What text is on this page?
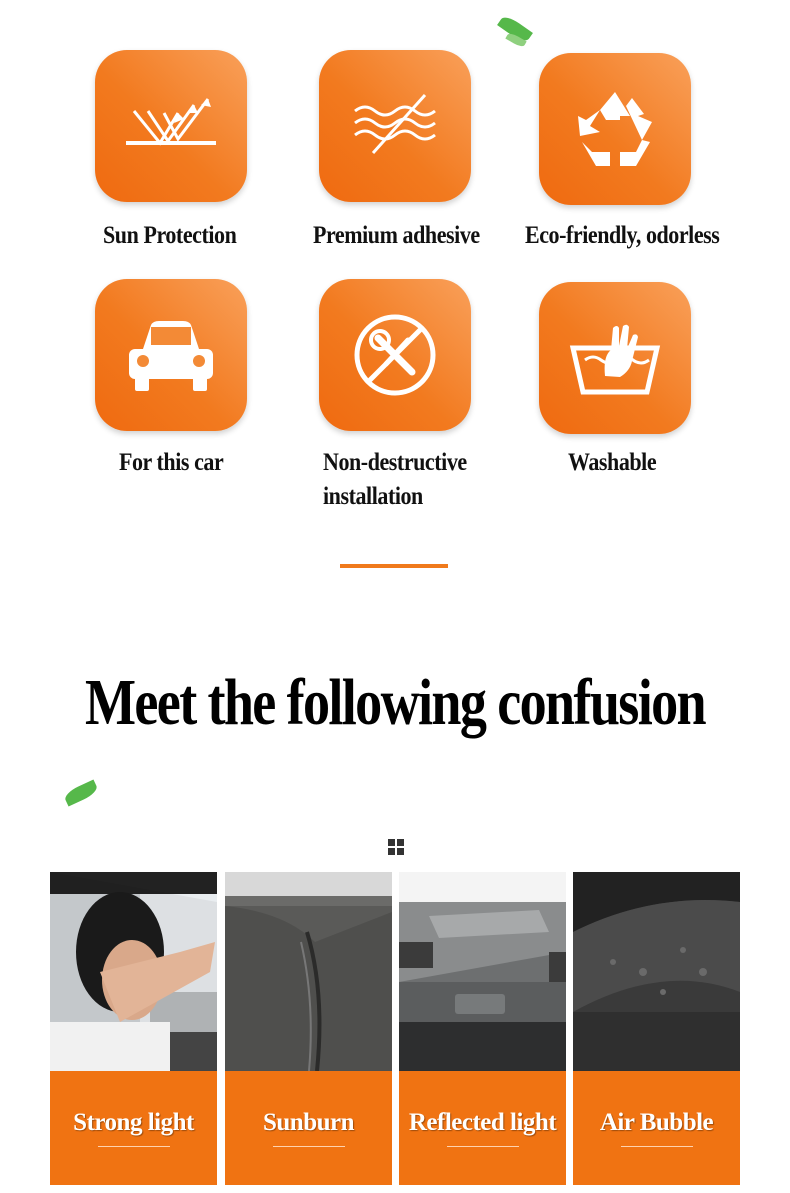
Sun Protection	Premium adhesive Eco-friendly, odorless
For this car	Non-destructive
installation
Washable
Meet the following confusion
Strong light	Sunburn	Reflected light	Air Bubble
